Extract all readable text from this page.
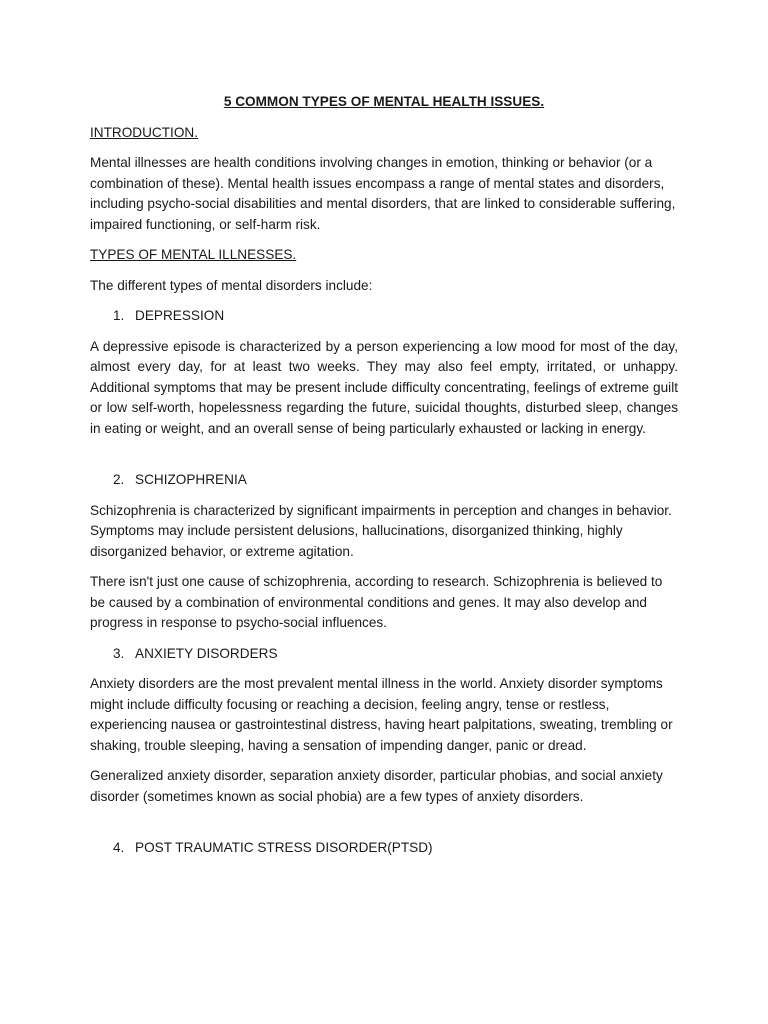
5 COMMON TYPES OF MENTAL HEALTH ISSUES.
INTRODUCTION.

Mental illnesses are health conditions involving changes in emotion, thinking or behavior (or a combination of these). Mental health issues encompass a range of mental states and disorders, including psycho-social disabilities and mental disorders, that are linked to considerable suffering, impaired functioning, or self-harm risk.

TYPES OF MENTAL ILLNESSES.

The different types of mental disorders include:

1. DEPRESSION

A depressive episode is characterized by a person experiencing a low mood for most of the day, almost every day, for at least two weeks. They may also feel empty, irritated, or unhappy. Additional symptoms that may be present include difficulty concentrating, feelings of extreme guilt or low self-worth, hopelessness regarding the future, suicidal thoughts, disturbed sleep, changes in eating or weight, and an overall sense of being particularly exhausted or lacking in energy.

2. SCHIZOPHRENIA

Schizophrenia is characterized by significant impairments in perception and changes in behavior. Symptoms may include persistent delusions, hallucinations, disorganized thinking, highly disorganized behavior, or extreme agitation.

There isn't just one cause of schizophrenia, according to research. Schizophrenia is believed to be caused by a combination of environmental conditions and genes. It may also develop and progress in response to psycho-social influences.

3. ANXIETY DISORDERS

Anxiety disorders are the most prevalent mental illness in the world. Anxiety disorder symptoms might include difficulty focusing or reaching a decision, feeling angry, tense or restless, experiencing nausea or gastrointestinal distress, having heart palpitations, sweating, trembling or shaking, trouble sleeping, having a sensation of impending danger, panic or dread.

Generalized anxiety disorder, separation anxiety disorder, particular phobias, and social anxiety disorder (sometimes known as social phobia) are a few types of anxiety disorders.

4. POST TRAUMATIC STRESS DISORDER(PTSD)
